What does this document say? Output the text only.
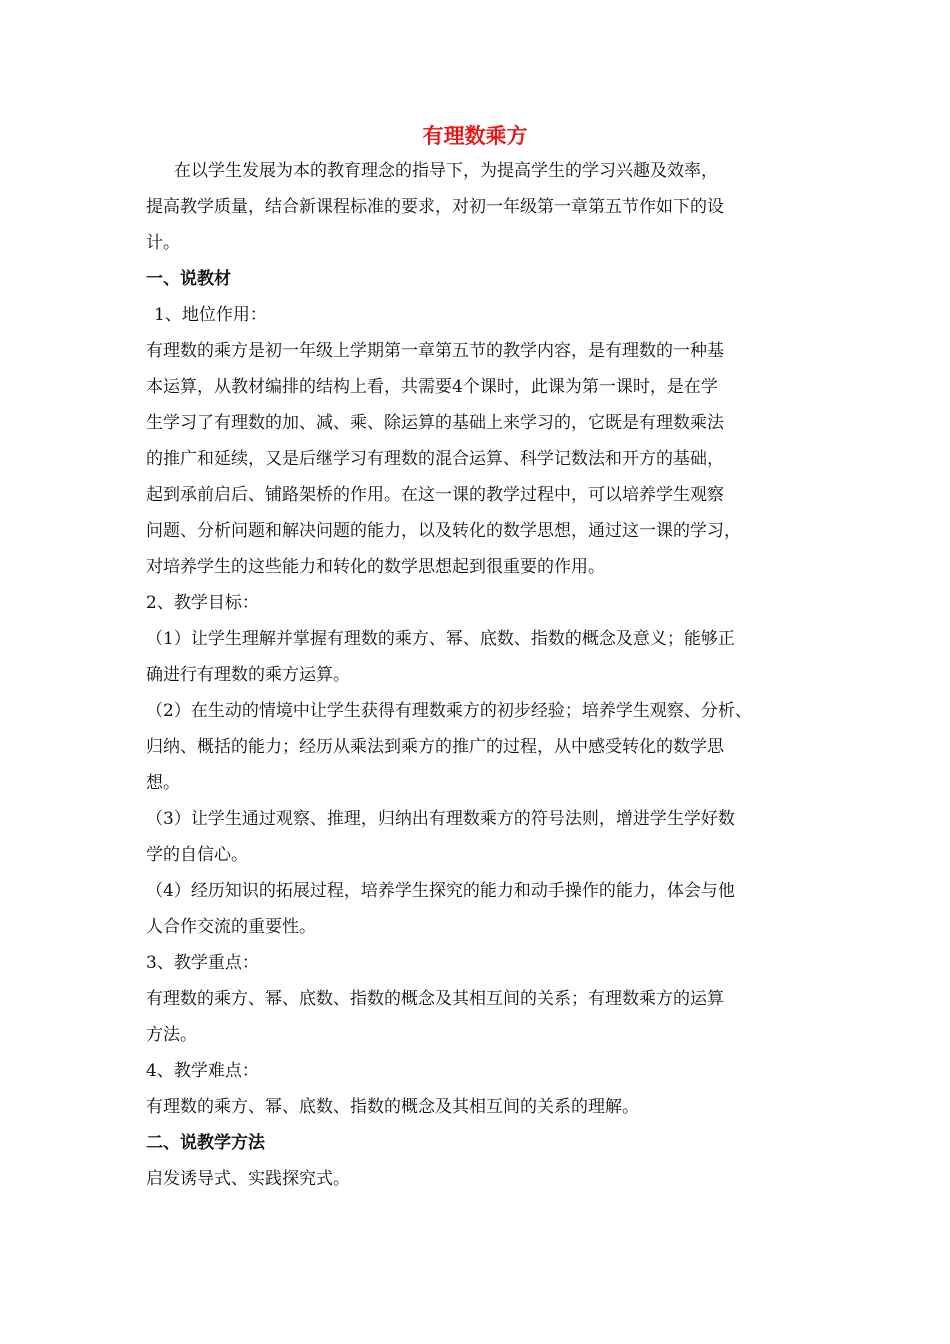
有理数乘方
在以学生发展为本的教育理念的指导下，为提高学生的学习兴趣及效率，
提高教学质量，结合新课程标准的要求，对初一年级第一章第五节作如下的设
计。
一、说教材
1、地位作用：
有理数的乘方是初一年级上学期第一章第五节的教学内容，是有理数的一种基
本运算，从教材编排的结构上看，共需要4个课时，此课为第一课时，是在学
生学习了有理数的加、减、乘、除运算的基础上来学习的，它既是有理数乘法
的推广和延续，又是后继学习有理数的混合运算、科学记数法和开方的基础，
起到承前启后、铺路架桥的作用。在这一课的教学过程中，可以培养学生观察
问题、分析问题和解决问题的能力，以及转化的数学思想，通过这一课的学习，
对培养学生的这些能力和转化的数学思想起到很重要的作用。
2、教学目标：
（1）让学生理解并掌握有理数的乘方、幂、底数、指数的概念及意义；能够正
确进行有理数的乘方运算。
（2）在生动的情境中让学生获得有理数乘方的初步经验；培养学生观察、分析、
归纳、概括的能力；经历从乘法到乘方的推广的过程，从中感受转化的数学思
想。
（3）让学生通过观察、推理，归纳出有理数乘方的符号法则，增进学生学好数
学的自信心。
（4）经历知识的拓展过程，培养学生探究的能力和动手操作的能力，体会与他
人合作交流的重要性。
3、教学重点：
有理数的乘方、幂、底数、指数的概念及其相互间的关系；有理数乘方的运算
方法。
4、教学难点：
有理数的乘方、幂、底数、指数的概念及其相互间的关系的理解。
二、说教学方法
启发诱导式、实践探究式。
